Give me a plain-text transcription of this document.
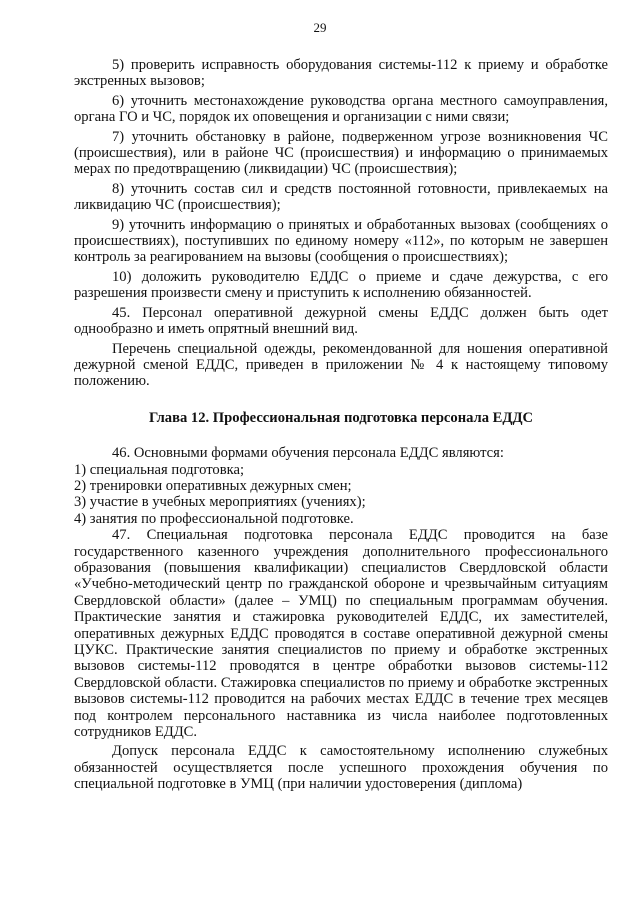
29

5) проверить исправность оборудования системы-112 к приему и обработке экстренных вызовов;

6) уточнить местонахождение руководства органа местного самоуправления, органа ГО и ЧС, порядок их оповещения и организации с ними связи;

7) уточнить обстановку в районе, подверженном угрозе возникновения ЧС (происшествия), или в районе ЧС (происшествия) и информацию о принимаемых мерах по предотвращению (ликвидации) ЧС (происшествия);

8) уточнить состав сил и средств постоянной готовности, привлекаемых на ликвидацию ЧС (происшествия);

9) уточнить информацию о принятых и обработанных вызовах (сообщениях о происшествиях), поступивших по единому номеру «112», по которым не завершен контроль за реагированием на вызовы (сообщения о происшествиях);

10) доложить руководителю ЕДДС о приеме и сдаче дежурства, с его разрешения произвести смену и приступить к исполнению обязанностей.

45. Персонал оперативной дежурной смены ЕДДС должен быть одет однообразно и иметь опрятный внешний вид.

Перечень специальной одежды, рекомендованной для ношения оперативной дежурной сменой ЕДДС, приведен в приложении № 4 к настоящему типовому положению.

Глава 12. Профессиональная подготовка персонала ЕДДС

46. Основными формами обучения персонала ЕДДС являются:

1) специальная подготовка;

2) тренировки оперативных дежурных смен;

3) участие в учебных мероприятиях (учениях);

4) занятия по профессиональной подготовке.

47. Специальная подготовка персонала ЕДДС проводится на базе государственного казенного учреждения дополнительного профессионального образования (повышения квалификации) специалистов Свердловской области «Учебно-методический центр по гражданской обороне и чрезвычайным ситуациям Свердловской области» (далее – УМЦ) по специальным программам обучения. Практические занятия и стажировка руководителей ЕДДС, их заместителей, оперативных дежурных ЕДДС проводятся в составе оперативной дежурной смены ЦУКС. Практические занятия специалистов по приему и обработке экстренных вызовов системы-112 проводятся в центре обработки вызовов системы-112 Свердловской области. Стажировка специалистов по приему и обработке экстренных вызовов системы-112 проводится на рабочих местах ЕДДС в течение трех месяцев под контролем персонального наставника из числа наиболее подготовленных сотрудников ЕДДС.

Допуск персонала ЕДДС к самостоятельному исполнению служебных обязанностей осуществляется после успешного прохождения обучения по специальной подготовке в УМЦ (при наличии удостоверения (диплома)
